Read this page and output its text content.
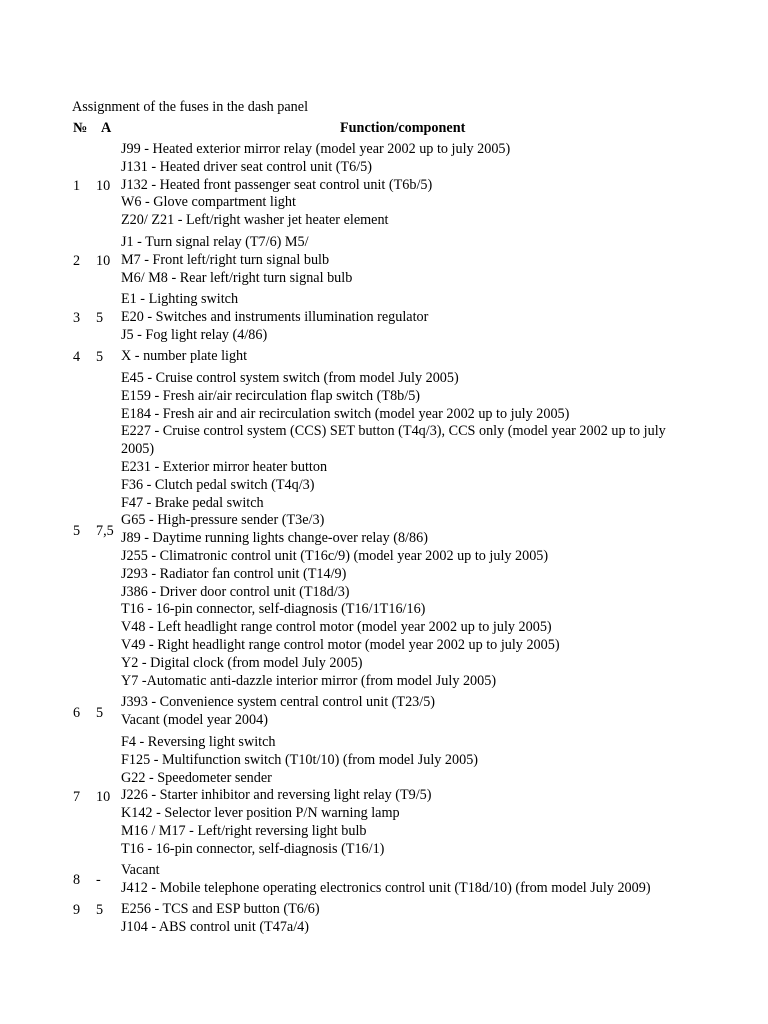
Assignment of the fuses in the dash panel
№ A	Function/component
1 10
J99 - Heated exterior mirror relay (model year 2002 up to july 2005)
J131 - Heated driver seat control unit (T6/5)
J132 - Heated front passenger seat control unit (T6b/5)
W6 - Glove compartment light
Z20/ Z21 - Left/right washer jet heater element
2 10
J1 - Turn signal relay (T7/6) M5/
M7 - Front left/right turn signal bulb
M6/ M8 - Rear left/right turn signal bulb
3 5
E1 - Lighting switch
E20 - Switches and instruments illumination regulator
J5 - Fog light relay (4/86)
4 5 X - number plate light
5 7,5
E45 - Cruise control system switch (from model July 2005)
E159 - Fresh air/air recirculation flap switch (T8b/5)
E184 - Fresh air and air recirculation switch (model year 2002 up to july 2005)
E227 - Cruise control system (CCS) SET button (T4q/3), CCS only (model year 2002 up to july 2005)
E231 - Exterior mirror heater button
F36 - Clutch pedal switch (T4q/3)
F47 - Brake pedal switch
G65 - High-pressure sender (T3e/3)
J89 - Daytime running lights change-over relay (8/86)
J255 - Climatronic control unit (T16c/9) (model year 2002 up to july 2005)
J293 - Radiator fan control unit (T14/9)
J386 - Driver door control unit (T18d/3)
T16 - 16-pin connector, self-diagnosis (T16/1T16/16)
V48 - Left headlight range control motor (model year 2002 up to july 2005)
V49 - Right headlight range control motor (model year 2002 up to july 2005)
Y2 - Digital clock (from model July 2005)
Y7 -Automatic anti-dazzle interior mirror (from model July 2005)
6 5
J393 - Convenience system central control unit (T23/5)
Vacant (model year 2004)
7 10
F4 - Reversing light switch
F125 - Multifunction switch (T10t/10) (from model July 2005)
G22 - Speedometer sender
J226 - Starter inhibitor and reversing light relay (T9/5)
K142 - Selector lever position P/N warning lamp
M16 / M17 - Left/right reversing light bulb
T16 - 16-pin connector, self-diagnosis (T16/1)
8 -
Vacant
J412 - Mobile telephone operating electronics control unit (T18d/10) (from model July 2009)
9 5 E256 - TCS and ESP button (T6/6)
J104 - ABS control unit (T47a/4)
